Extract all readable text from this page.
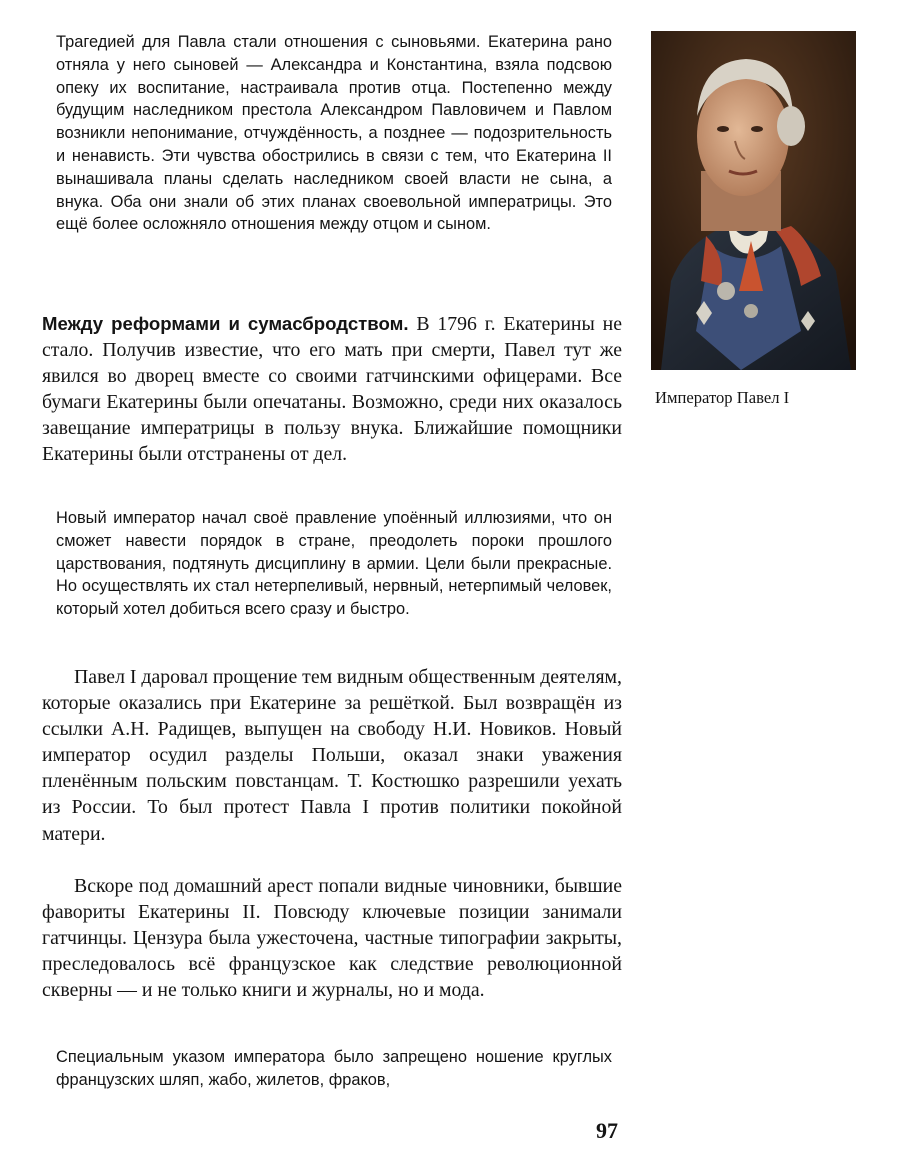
Трагедией для Павла стали отношения с сыновьями. Екатерина рано отняла у него сыновей — Александра и Константина, взяла подсвою опеку их воспитание, настраивала против отца. Постепенно между будущим наследником престола Александром Павловичем и Павлом возникли непонимание, отчуждённость, а позднее — подозрительность и ненависть. Эти чувства обострились в связи с тем, что Екатерина II вынашивала планы сделать наследником своей власти не сына, а внука. Оба они знали об этих планах своевольной императрицы. Это ещё более осложняло отношения между отцом и сыном.

Между реформами и сумасбродством. В 1796 г. Екатерины не стало. Получив известие, что его мать при смерти, Павел тут же явился во дворец вместе со своими гатчинскими офицерами. Все бумаги Екатерины были опечатаны. Возможно, среди них оказалось завещание императрицы в пользу внука. Ближайшие помощники Екатерины были отстранены от дел.

Новый император начал своё правление упоённый иллюзиями, что он сможет навести порядок в стране, преодолеть пороки прошлого царствования, подтянуть дисциплину в армии. Цели были прекрасные. Но осуществлять их стал нетерпеливый, нервный, нетерпимый человек, который хотел добиться всего сразу и быстро.

Павел I даровал прощение тем видным общественным деятелям, которые оказались при Екатерине за решёткой. Был возвращён из ссылки А.Н. Радищев, выпущен на свободу Н.И. Новиков. Новый император осудил разделы Польши, оказал знаки уважения пленённым польским повстанцам. Т. Костюшко разрешили уехать из России. То был протест Павла I против политики покойной матери.

Вскоре под домашний арест попали видные чиновники, бывшие фавориты Екатерины II. Повсюду ключевые позиции занимали гатчинцы. Цензура была ужесточена, частные типографии закрыты, преследовалось всё французское как следствие революционной скверны — и не только книги и журналы, но и мода.

Специальным указом императора было запрещено ношение круглых французских шляп, жабо, жилетов, фраков,

Император Павел I

97
